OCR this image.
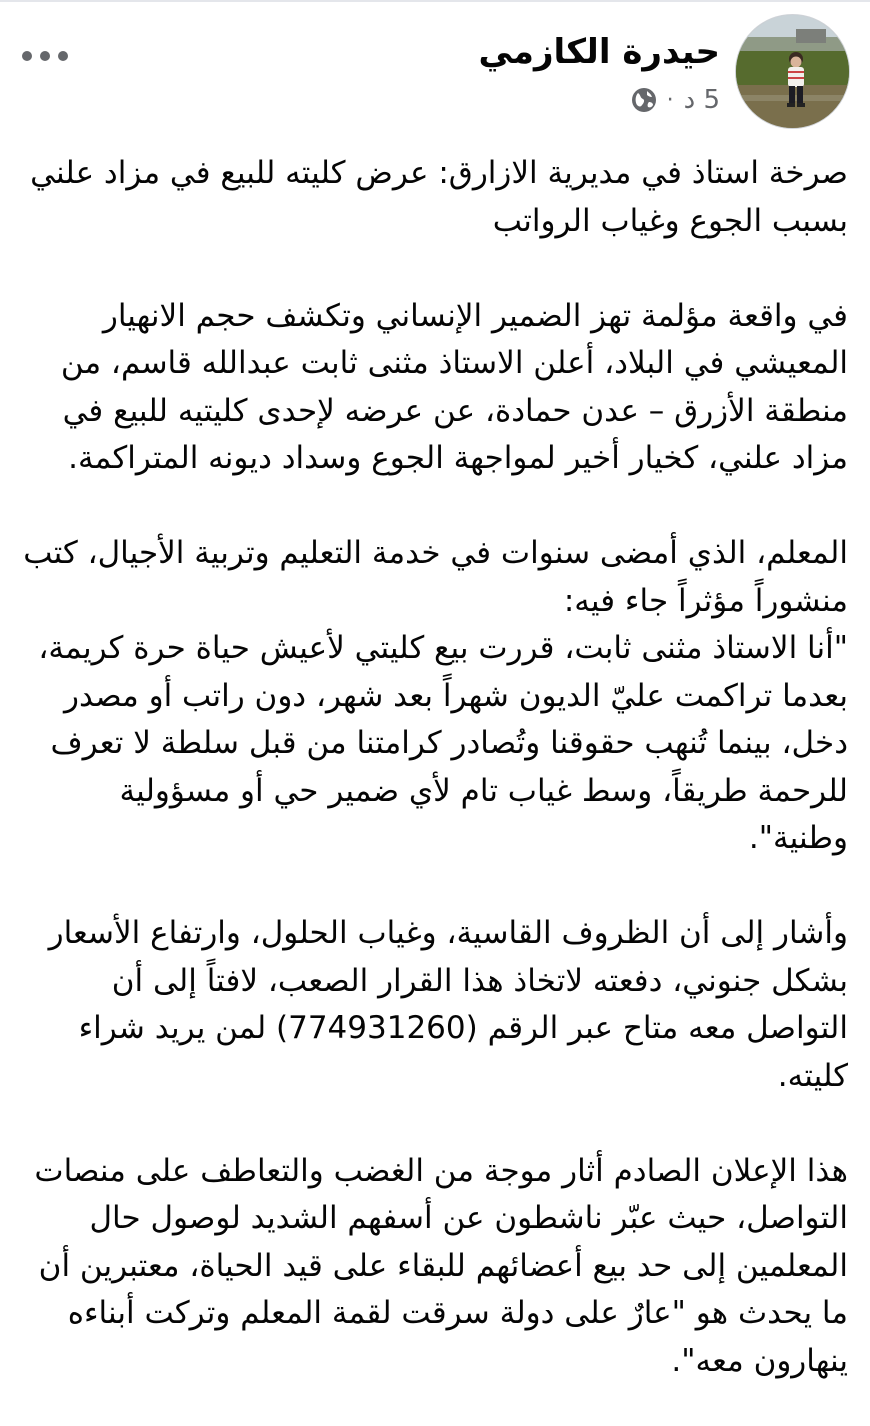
حيدرة الكازمي
5 د
·

صرخة استاذ في مديرية الازارق: عرض كليته للبيع في مزاد علني بسبب الجوع وغياب الرواتب

في واقعة مؤلمة تهز الضمير الإنساني وتكشف حجم الانهيار المعيشي في البلاد، أعلن الاستاذ مثنى ثابت عبدالله قاسم، من منطقة الأزرق – عدن حمادة، عن عرضه لإحدى كليتيه للبيع في مزاد علني، كخيار أخير لمواجهة الجوع وسداد ديونه المتراكمة.

المعلم، الذي أمضى سنوات في خدمة التعليم وتربية الأجيال، كتب منشوراً مؤثراً جاء فيه:
"أنا الاستاذ مثنى ثابت، قررت بيع كليتي لأعيش حياة حرة كريمة، بعدما تراكمت عليّ الديون شهراً بعد شهر، دون راتب أو مصدر دخل، بينما تُنهب حقوقنا وتُصادر كرامتنا من قبل سلطة لا تعرف للرحمة طريقاً، وسط غياب تام لأي ضمير حي أو مسؤولية وطنية".

وأشار إلى أن الظروف القاسية، وغياب الحلول، وارتفاع الأسعار بشكل جنوني، دفعته لاتخاذ هذا القرار الصعب، لافتاً إلى أن التواصل معه متاح عبر الرقم (774931260) لمن يريد شراء كليته.

هذا الإعلان الصادم أثار موجة من الغضب والتعاطف على منصات التواصل، حيث عبّر ناشطون عن أسفهم الشديد لوصول حال المعلمين إلى حد بيع أعضائهم للبقاء على قيد الحياة، معتبرين أن ما يحدث هو "عارٌ على دولة سرقت لقمة المعلم وتركت أبناءه ينهارون معه".
